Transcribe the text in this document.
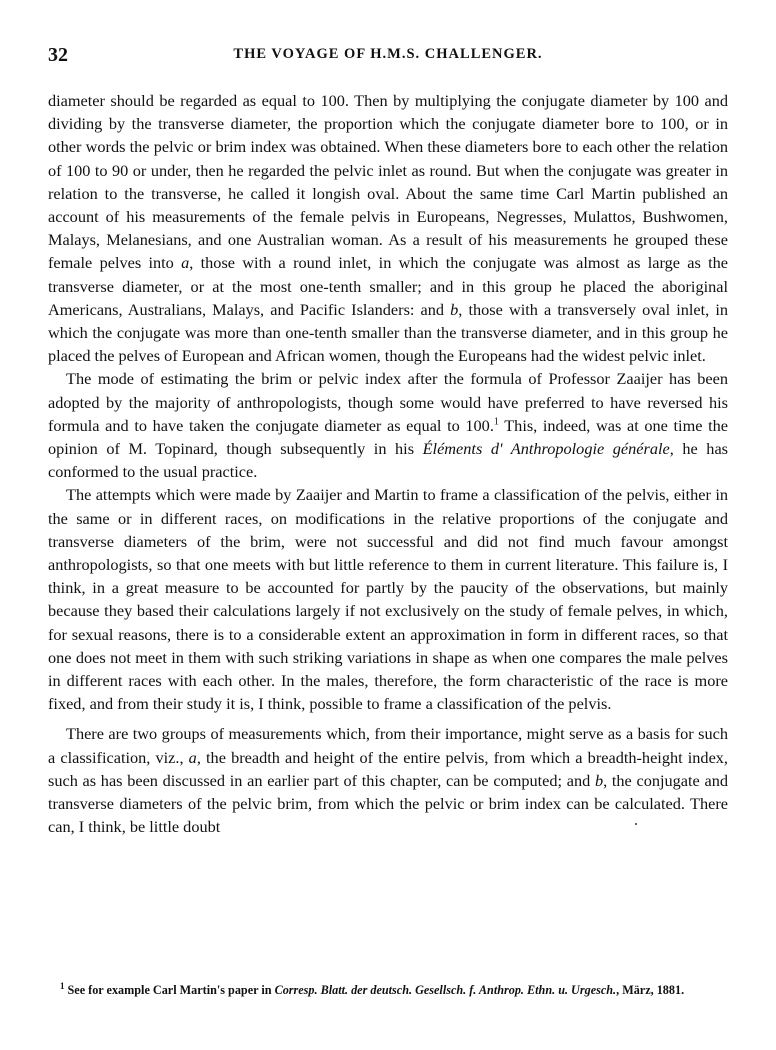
32	THE VOYAGE OF H.M.S. CHALLENGER.

diameter should be regarded as equal to 100. Then by multiplying the conjugate diameter by 100 and dividing by the transverse diameter, the proportion which the conjugate diameter bore to 100, or in other words the pelvic or brim index was obtained. When these diameters bore to each other the relation of 100 to 90 or under, then he regarded the pelvic inlet as round. But when the conjugate was greater in relation to the transverse, he called it longish oval. About the same time Carl Martin published an account of his measurements of the female pelvis in Europeans, Negresses, Mulattos, Bushwomen, Malays, Melanesians, and one Australian woman. As a result of his measurements he grouped these female pelves into a, those with a round inlet, in which the conjugate was almost as large as the transverse diameter, or at the most one-tenth smaller; and in this group he placed the aboriginal Americans, Australians, Malays, and Pacific Islanders: and b, those with a transversely oval inlet, in which the conjugate was more than one-tenth smaller than the transverse diameter, and in this group he placed the pelves of European and African women, though the Europeans had the widest pelvic inlet.

The mode of estimating the brim or pelvic index after the formula of Professor Zaaijer has been adopted by the majority of anthropologists, though some would have preferred to have reversed his formula and to have taken the conjugate diameter as equal to 100.$^1$ This, indeed, was at one time the opinion of M. Topinard, though subsequently in his Éléments d' Anthropologie générale, he has conformed to the usual practice.

The attempts which were made by Zaaijer and Martin to frame a classification of the pelvis, either in the same or in different races, on modifications in the relative proportions of the conjugate and transverse diameters of the brim, were not successful and did not find much favour amongst anthropologists, so that one meets with but little reference to them in current literature. This failure is, I think, in a great measure to be accounted for partly by the paucity of the observations, but mainly because they based their calculations largely if not exclusively on the study of female pelves, in which, for sexual reasons, there is to a considerable extent an approximation in form in different races, so that one does not meet in them with such striking variations in shape as when one compares the male pelves in different races with each other. In the males, therefore, the form characteristic of the race is more fixed, and from their study it is, I think, possible to frame a classification of the pelvis.

There are two groups of measurements which, from their importance, might serve as a basis for such a classification, viz., a, the breadth and height of the entire pelvis, from which a breadth-height index, such as has been discussed in an earlier part of this chapter, can be computed; and b, the conjugate and transverse diameters of the pelvic brim, from which the pelvic or brim index can be calculated. There can, I think, be little doubt

$^1$ See for example Carl Martin's paper in Corresp. Blatt. der deutsch. Gesellsch. f. Anthrop. Ethn. u. Urgesch., März, 1881.
